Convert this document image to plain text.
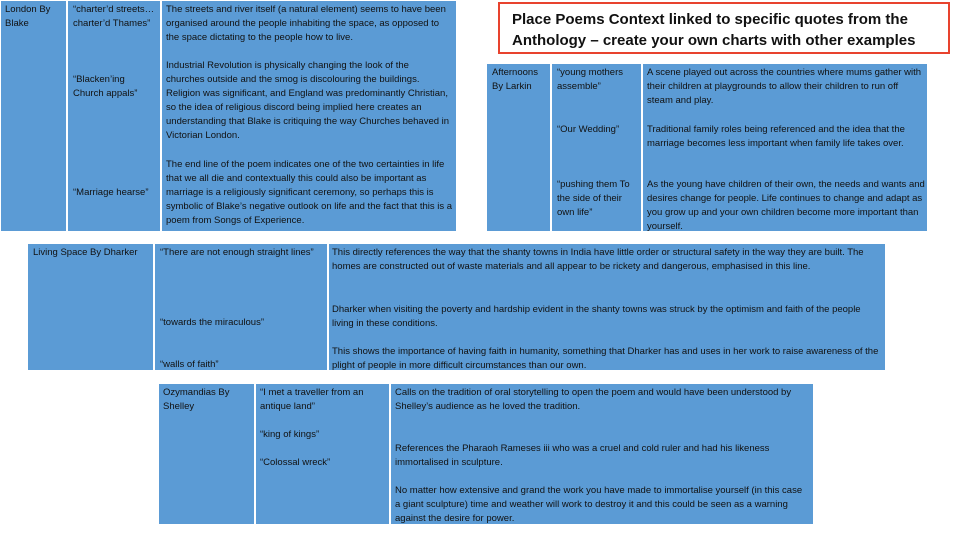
Place Poems Context linked to specific quotes from the Anthology – create your own charts with other examples
London By Blake
“charter’d streets…charter’d Thames”
“Blacken’ing Church appals”
“Marriage hearse”
The streets and river itself (a natural element) seems to have been organised around the people inhabiting the space, as opposed to the space dictating to the people how to live.
Industrial Revolution is physically changing the look of the churches outside and the smog is discolouring the buildings. Religion was significant, and England was predominantly Christian, so the idea of religious discord being implied here creates an understanding that Blake is critiquing the way Churches behaved in Victorian London.
The end line of the poem indicates one of the two certainties in life that we all die and contextually this could also be important as marriage is a religiously significant ceremony, so perhaps this is symbolic of Blake’s negative outlook on life and the fact that this is a poem from Songs of Experience.
Afternoons By Larkin
“young mothers assemble”
“Our Wedding”
“pushing them To the side of their own life”
A scene played out across the countries where mums gather with their children at playgrounds to allow their children to run off steam and play.
Traditional family roles being referenced and the idea that the marriage becomes less important when family life takes over.
As the young have children of their own, the needs and wants and desires change for people. Life continues to change and adapt as you grow up and your own children become more important than yourself.
Living Space By Dharker	“There are not enough straight lines”
“towards the miraculous”
“walls of faith”
This directly references the way that the shanty towns in India have little order or structural safety in the way they are built. The homes are constructed out of waste materials and all appear to be rickety and dangerous, emphasised in this line.
Dharker when visiting the poverty and hardship evident in the shanty towns was struck by the optimism and faith of the people living in these conditions.
This shows the importance of having faith in humanity, something that Dharker has and uses in her work to raise awareness of the plight of people in more difficult circumstances than our own.
Ozymandias By Shelley
“I met a traveller from an antique land”
“king of kings”
“Colossal wreck”
Calls on the tradition of oral storytelling to open the poem and would have been understood by Shelley’s audience as he loved the tradition.
References the Pharaoh Rameses iii who was a cruel and cold ruler and had his likeness immortalised in sculpture.
No matter how extensive and grand the work you have made to immortalise yourself (in this case a giant sculpture) time and weather will work to destroy it and this could be seen as a warning against the desire for power.
